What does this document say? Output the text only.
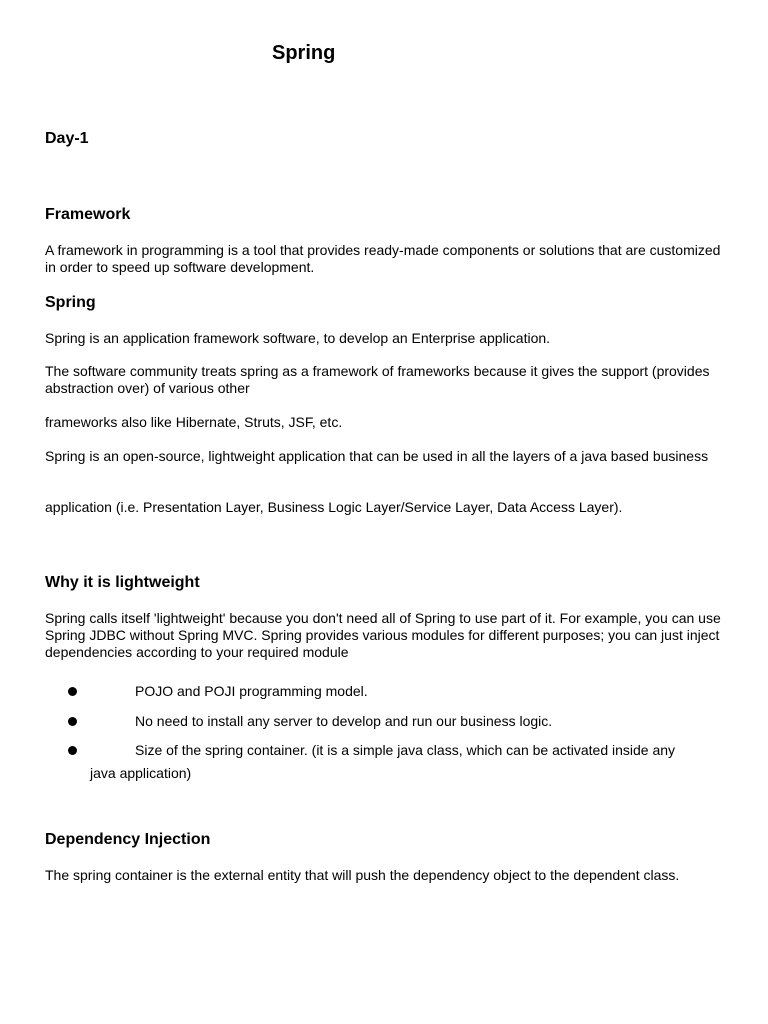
Spring
Day-1
Framework

A framework in programming is a tool that provides ready-made components or solutions that are customized in order to speed up software development.

Spring

Spring is an application framework software, to develop an Enterprise application.

The software community treats spring as a framework of frameworks because it gives the support (provides abstraction over) of various other

frameworks also like Hibernate, Struts, JSF, etc.

Spring is an open-source, lightweight application that can be used in all the layers of a java based business

application (i.e. Presentation Layer, Business Logic Layer/Service Layer, Data Access Layer).

Why it is lightweight

Spring calls itself 'lightweight' because you don't need all of Spring to use part of it. For example, you can use Spring JDBC without Spring MVC. Spring provides various modules for different purposes; you can just inject dependencies according to your required module

POJO and POJI programming model.
No need to install any server to develop and run our business logic.
Size of the spring container. (it is a simple java class, which can be activated inside any
java application)
Dependency Injection

The spring container is the external entity that will push the dependency object to the dependent class.
